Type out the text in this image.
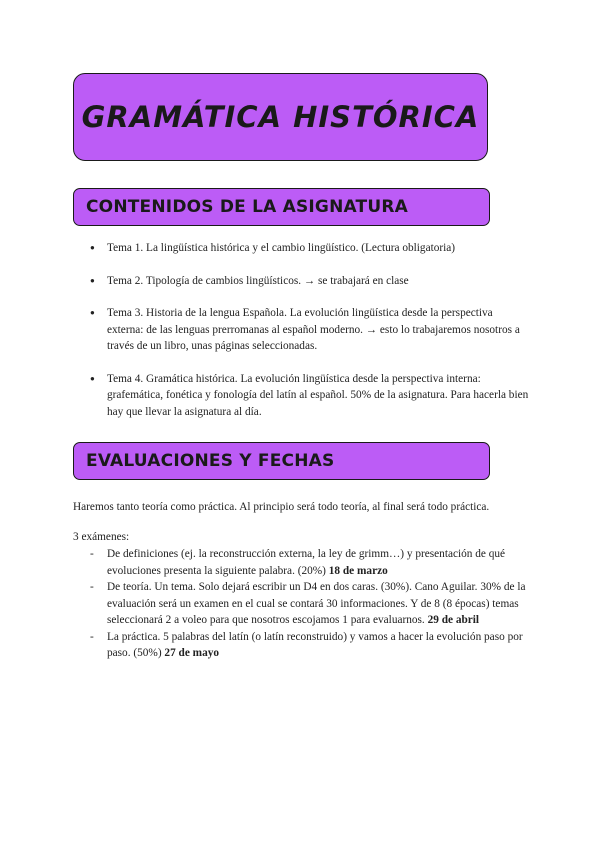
GRAMÁTICA HISTÓRICA
CONTENIDOS DE LA ASIGNATURA
● Tema 1. La lingüística histórica y el cambio lingüístico. (Lectura obligatoria)
● Tema 2. Tipología de cambios lingüísticos. → se trabajará en clase
● Tema 3. Historia de la lengua Española. La evolución lingüística desde la perspectiva externa: de las lenguas prerromanas al español moderno. → esto lo trabajaremos nosotros a través de un libro, unas páginas seleccionadas.
● Tema 4. Gramática histórica. La evolución lingüística desde la perspectiva interna: grafemática, fonética y fonología del latín al español. 50% de la asignatura. Para hacerla bien hay que llevar la asignatura al día.
EVALUACIONES Y FECHAS
Haremos tanto teoría como práctica. Al principio será todo teoría, al final será todo práctica.
3 exámenes:
- De definiciones (ej. la reconstrucción externa, la ley de grimm…) y presentación de qué evoluciones presenta la siguiente palabra. (20%) 18 de marzo
- De teoría. Un tema. Solo dejará escribir un D4 en dos caras. (30%). Cano Aguilar. 30% de la evaluación será un examen en el cual se contará 30 informaciones. Y de 8 (8 épocas) temas seleccionará 2 a voleo para que nosotros escojamos 1 para evaluarnos. 29 de abril
- La práctica. 5 palabras del latín (o latín reconstruido) y vamos a hacer la evolución paso por paso. (50%) 27 de mayo
